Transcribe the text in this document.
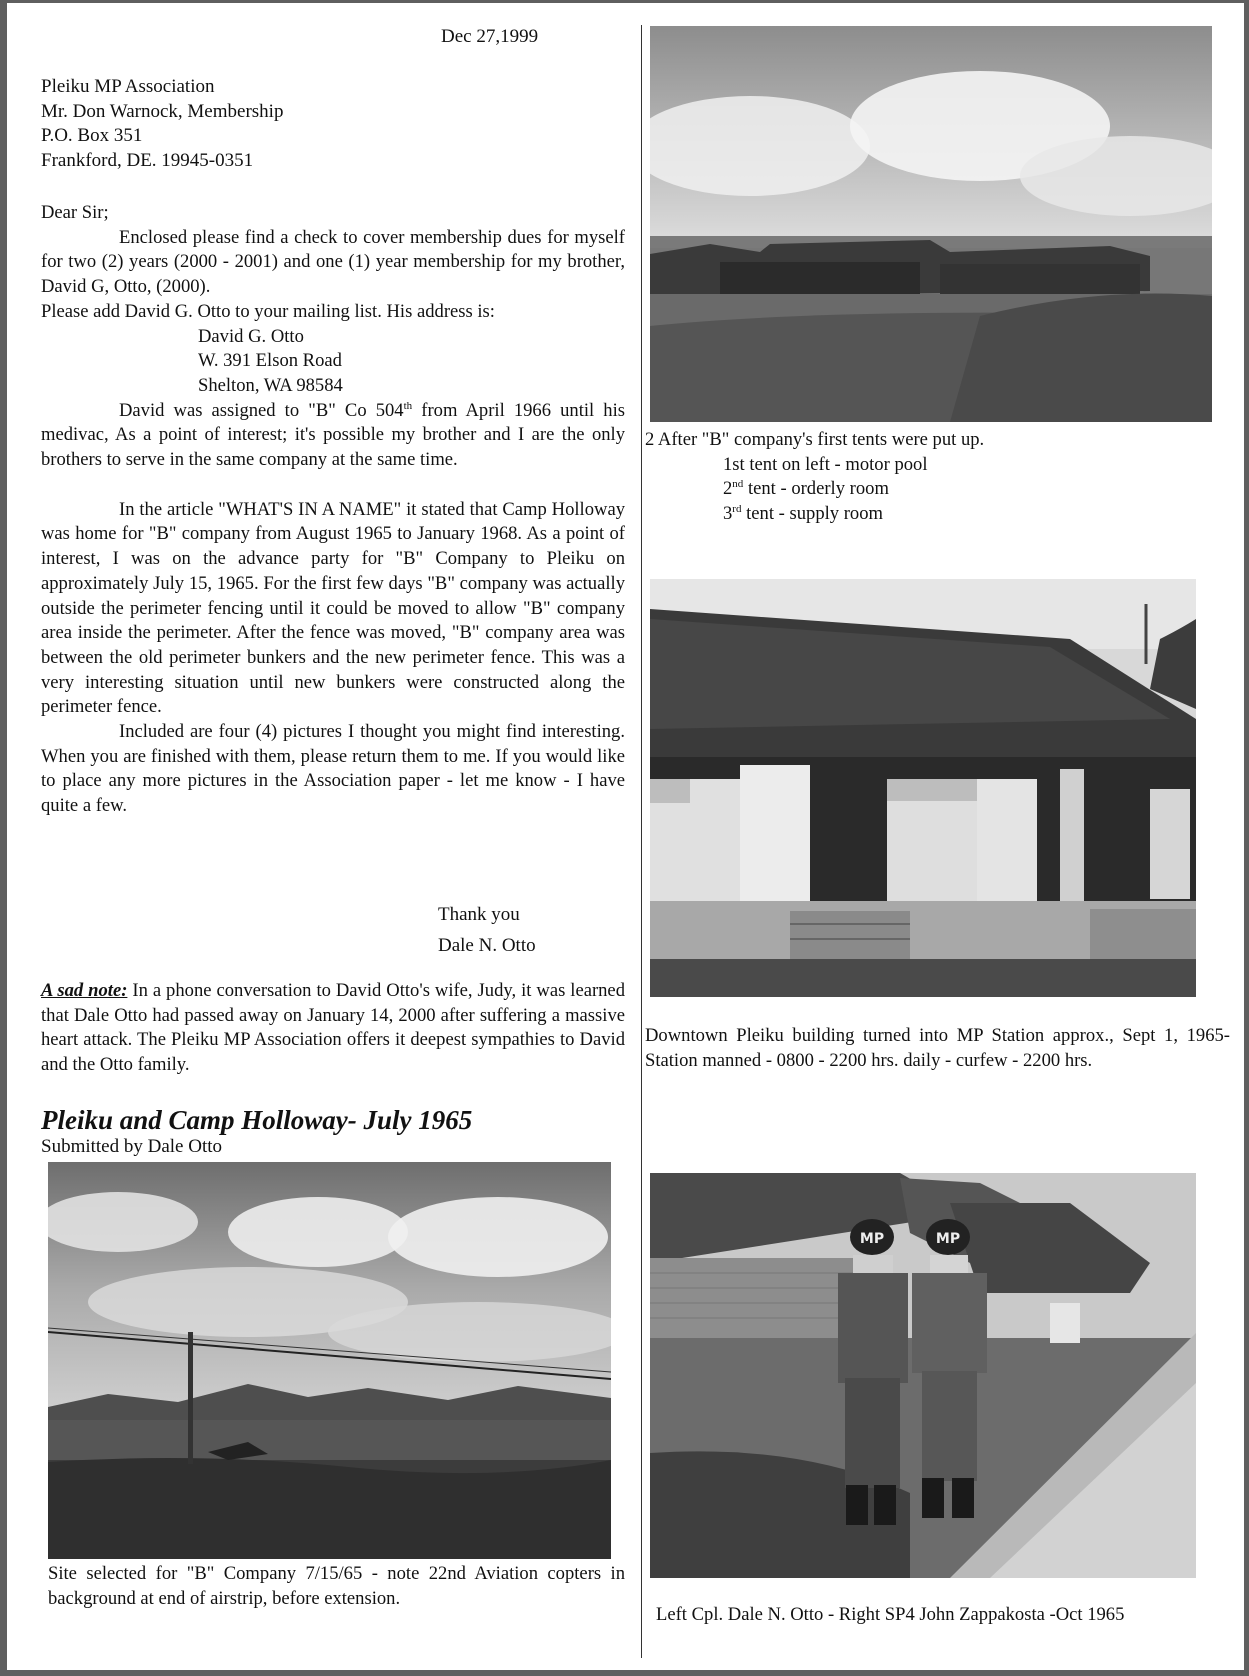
Dec 27,1999
Pleiku MP Association
Mr. Don Warnock, Membership
P.O. Box 351
Frankford, DE. 19945-0351

Dear Sir;

Enclosed please find a check to cover membership dues for myself for two (2) years (2000 - 2001) and one (1) year membership for my brother, David G, Otto, (2000).

Please add David G. Otto to your mailing list. His address is:

David G. Otto
W. 391 Elson Road
Shelton, WA 98584

David was assigned to "B" Co 504th from April 1966 until his medivac, As a point of interest; it's possible my brother and I are the only brothers to serve in the same company at the same time.

In the article "WHAT'S IN A NAME" it stated that Camp Holloway was home for "B" company from August 1965 to January 1968. As a point of interest, I was on the advance party for "B" Company to Pleiku on approximately July 15, 1965. For the first few days "B" company was actually outside the perimeter fencing until it could be moved to allow "B" company area inside the perimeter. After the fence was moved, "B" company area was between the old perimeter bunkers and the new perimeter fence. This was a very interesting situation until new bunkers were constructed along the perimeter fence.

Included are four (4) pictures I thought you might find interesting. When you are finished with them, please return them to me. If you would like to place any more pictures in the Association paper - let me know - I have quite a few.

Thank you
Dale N. Otto
A sad note: In a phone conversation to David Otto's wife, Judy, it was learned that Dale Otto had passed away on January 14, 2000 after suffering a massive heart attack. The Pleiku MP Association offers it deepest sympathies to David and the Otto family.
Pleiku and Camp Holloway- July 1965
Submitted by Dale Otto
Site selected for "B" Company 7/15/65 - note 22nd Aviation copters in background at end of airstrip, before extension.
2 After "B" company's first tents were put up.
1st tent on left - motor pool
2nd tent - orderly room
3rd tent - supply room
Downtown Pleiku building turned into MP Station approx., Sept 1, 1965- Station manned - 0800 - 2200 hrs. daily - curfew - 2200 hrs.
MP	MP
Left Cpl. Dale N. Otto - Right SP4 John Zappakosta -Oct 1965
